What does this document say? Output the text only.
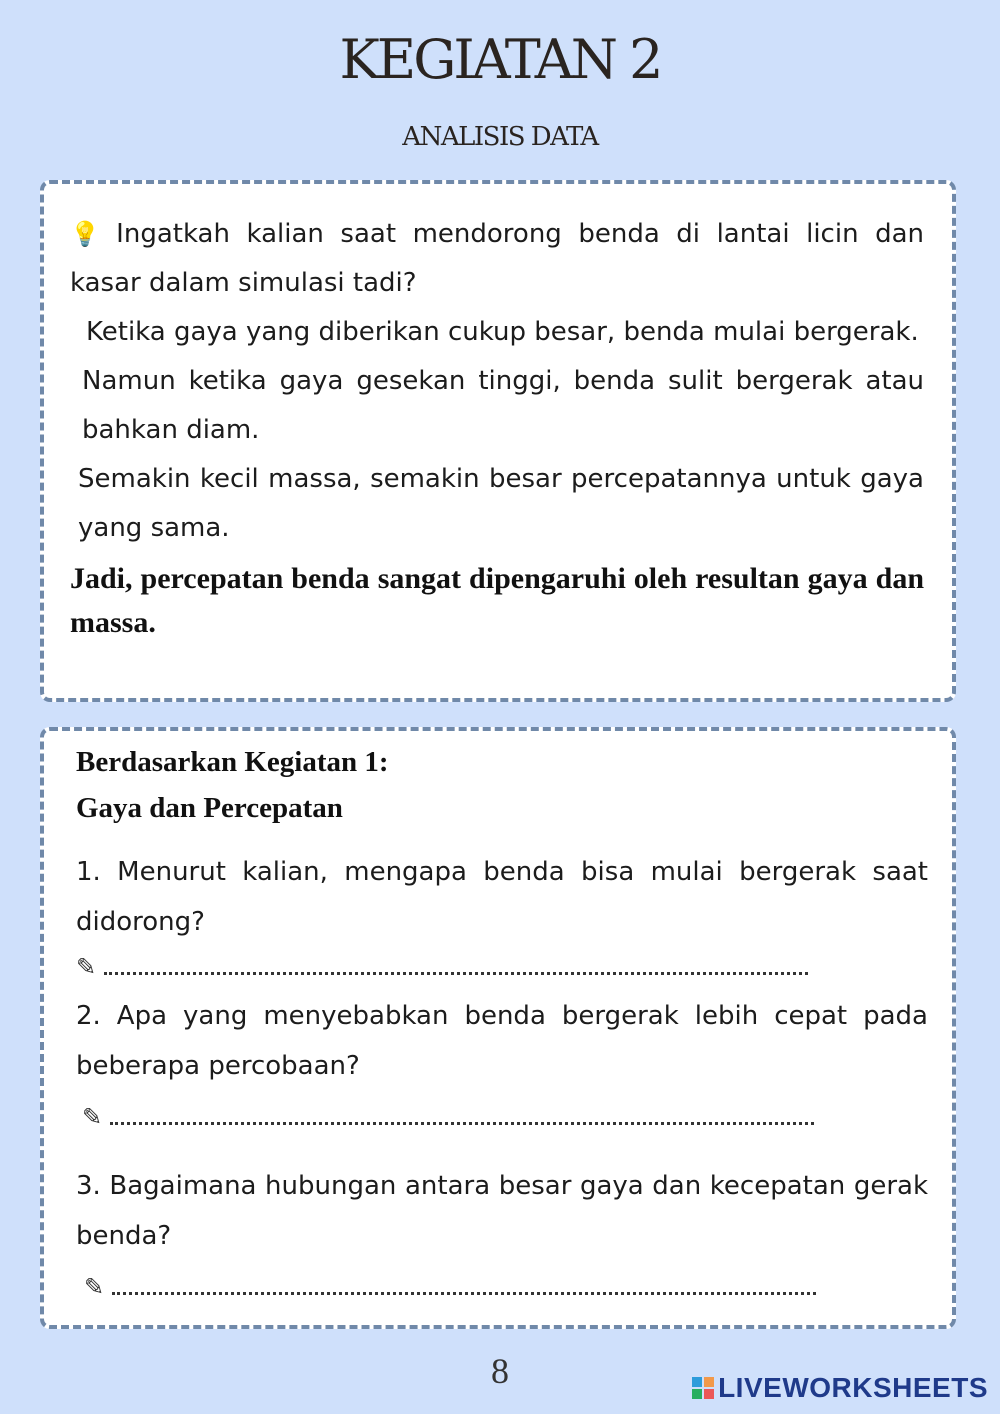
KEGIATAN 2
ANALISIS DATA

💡 Ingatkah kalian saat mendorong benda di lantai licin dan kasar dalam simulasi tadi?

Ketika gaya yang diberikan cukup besar, benda mulai bergerak.

Namun ketika gaya gesekan tinggi, benda sulit bergerak atau bahkan diam.

Semakin kecil massa, semakin besar percepatannya untuk gaya yang sama.

Jadi, percepatan benda sangat dipengaruhi oleh resultan gaya dan massa.

Berdasarkan Kegiatan 1:

Gaya dan Percepatan

1. Menurut kalian, mengapa benda bisa mulai bergerak saat didorong?

✎

2. Apa yang menyebabkan benda bergerak lebih cepat pada beberapa percobaan?

✎

3. Bagaimana hubungan antara besar gaya dan kecepatan gerak benda?

✎
8	LIVEWORKSHEETS
